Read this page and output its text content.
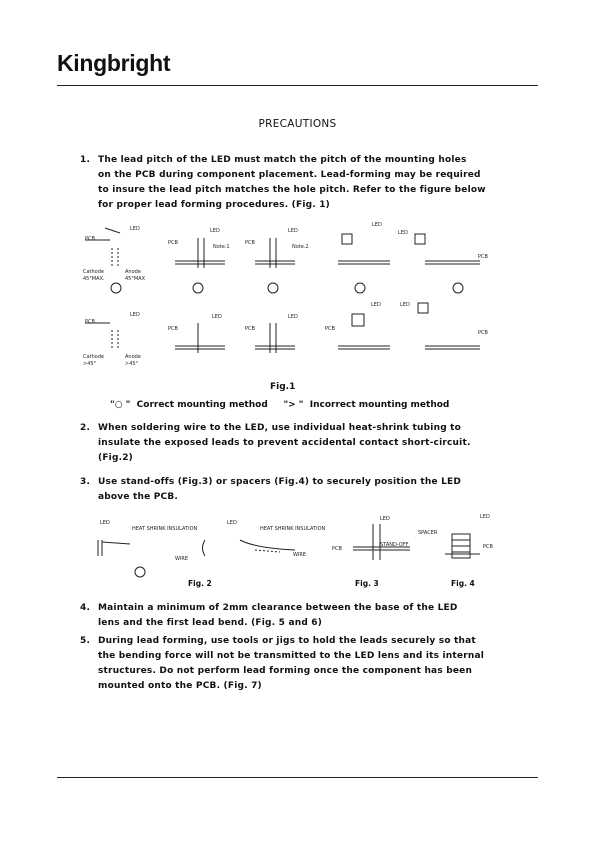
Kingbright
PRECAUTIONS
1. The lead pitch of the LED must match the pitch of the mounting holes
on the PCB during component placement. Lead-forming may be required
to insure the lead pitch matches the hole pitch. Refer to the figure below
for proper lead forming procedures. (Fig. 1)
LED
PCB
Cathode	Anode
45°MAX.	45°MAX
LED
PCB
Note.1
LED
PCB
Note.2
LED
LED
PCB
LED
PCB
Cathode	Anode
>45°	>45°
LED
PCB
LED
PCB
LED
PCB
LED
PCB
Fig.1
"○ " Correct mounting method "> " Incorrect mounting method
2. When soldering wire to the LED, use individual heat-shrink tubing to
insulate the exposed leads to prevent accidental contact short-circuit.
(Fig.2)
3. Use stand-offs (Fig.3) or spacers (Fig.4) to securely position the LED
above the PCB.
LED
HEAT SHRINK INSULATION
WIRE
LED
HEAT SHRINK INSULATION
WIRE
LED
PCB
STAND-OFF
LED
SPACER
PCB
Fig. 2	Fig. 3	Fig. 4
4. Maintain a minimum of 2mm clearance between the base of the LED
lens and the first lead bend. (Fig. 5 and 6)
5. During lead forming, use tools or jigs to hold the leads securely so that
the bending force will not be transmitted to the LED lens and its internal
structures. Do not perform lead forming once the component has been
mounted onto the PCB. (Fig. 7)
